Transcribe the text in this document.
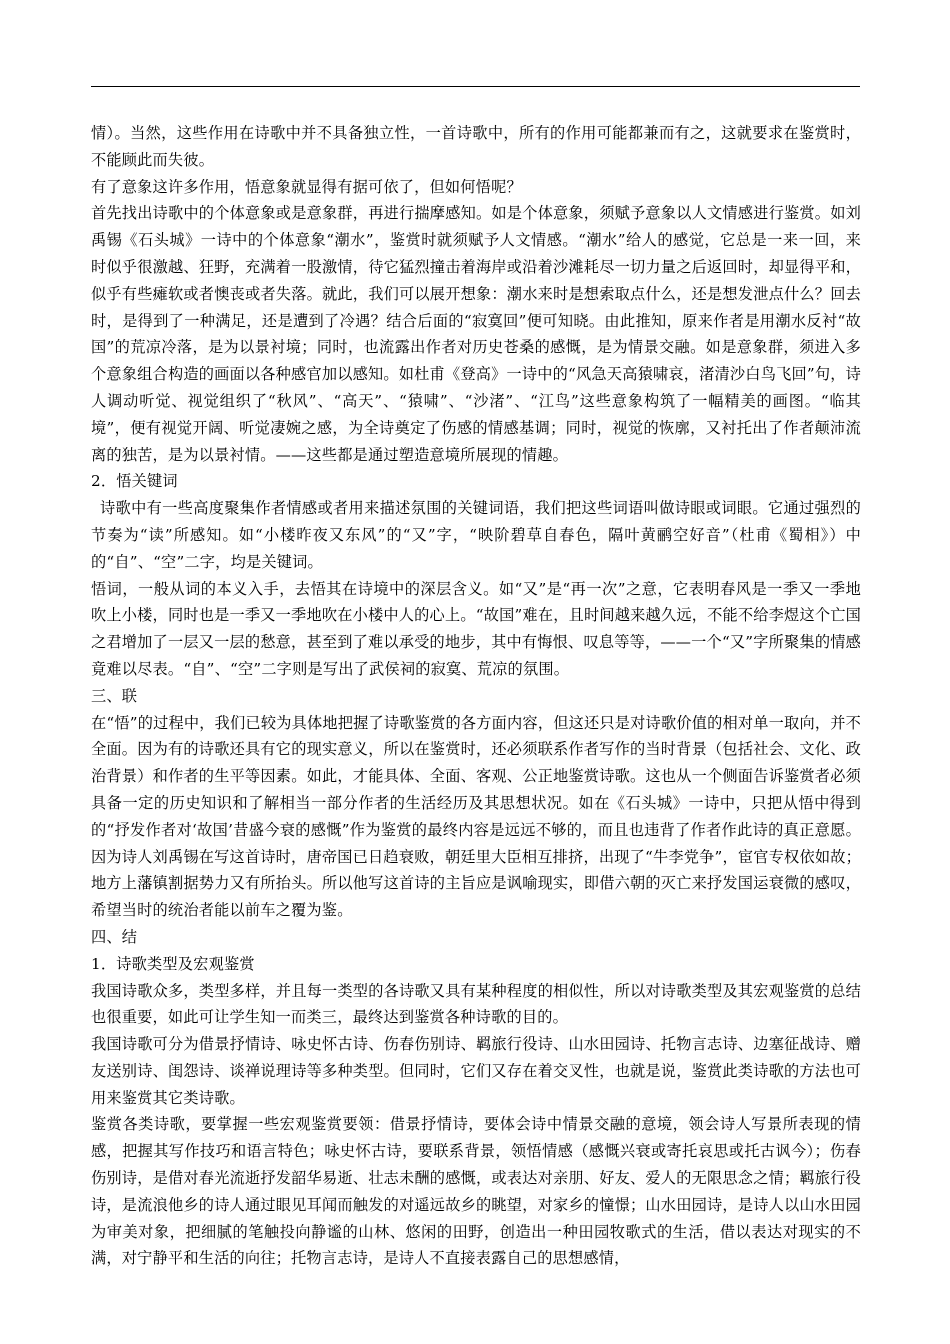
情）。当然，这些作用在诗歌中并不具备独立性，一首诗歌中，所有的作用可能都兼而有之，这就要求在鉴赏时，不能顾此而失彼。

有了意象这许多作用，悟意象就显得有据可依了，但如何悟呢？

首先找出诗歌中的个体意象或是意象群，再进行揣摩感知。如是个体意象，须赋予意象以人文情感进行鉴赏。如刘禹锡《石头城》一诗中的个体意象“潮水”，鉴赏时就须赋予人文情感。“潮水”给人的感觉，它总是一来一回，来时似乎很激越、狂野，充满着一股激情，待它猛烈撞击着海岸或沿着沙滩耗尽一切力量之后返回时，却显得平和，似乎有些瘫软或者懊丧或者失落。就此，我们可以展开想象：潮水来时是想索取点什么，还是想发泄点什么？回去时，是得到了一种满足，还是遭到了冷遇？结合后面的“寂寞回”便可知晓。由此推知，原来作者是用潮水反衬“故国”的荒凉冷落，是为以景衬境；同时，也流露出作者对历史苍桑的感慨，是为情景交融。如是意象群，须进入多个意象组合构造的画面以各种感官加以感知。如杜甫《登高》一诗中的“风急天高猿啸哀，渚清沙白鸟飞回”句，诗人调动听觉、视觉组织了“秋风”、“高天”、“猿啸”、“沙渚”、“江鸟”这些意象构筑了一幅精美的画图。“临其境”，便有视觉开阔、听觉凄婉之感，为全诗奠定了伤感的情感基调；同时，视觉的恢廓，又衬托出了作者颠沛流离的独苦，是为以景衬情。——这些都是通过塑造意境所展现的情趣。

2．悟关键词

诗歌中有一些高度聚集作者情感或者用来描述氛围的关键词语，我们把这些词语叫做诗眼或词眼。它通过强烈的节奏为“读”所感知。如“小楼昨夜又东风”的“又”字，“映阶碧草自春色，隔叶黄鹂空好音”（杜甫《蜀相》）中的“自”、“空”二字，均是关键词。

悟词，一般从词的本义入手，去悟其在诗境中的深层含义。如“又”是“再一次”之意，它表明春风是一季又一季地吹上小楼，同时也是一季又一季地吹在小楼中人的心上。“故国”难在，且时间越来越久远，不能不给李煜这个亡国之君增加了一层又一层的愁意，甚至到了难以承受的地步，其中有悔恨、叹息等等，——一个“又”字所聚集的情感竟难以尽表。“自”、“空”二字则是写出了武侯祠的寂寞、荒凉的氛围。

三、联

在“悟”的过程中，我们已较为具体地把握了诗歌鉴赏的各方面内容，但这还只是对诗歌价值的相对单一取向，并不全面。因为有的诗歌还具有它的现实意义，所以在鉴赏时，还必须联系作者写作的当时背景（包括社会、文化、政治背景）和作者的生平等因素。如此，才能具体、全面、客观、公正地鉴赏诗歌。这也从一个侧面告诉鉴赏者必须具备一定的历史知识和了解相当一部分作者的生活经历及其思想状况。如在《石头城》一诗中，只把从悟中得到的“抒发作者对‘故国’昔盛今衰的感慨”作为鉴赏的最终内容是远远不够的，而且也违背了作者作此诗的真正意愿。因为诗人刘禹锡在写这首诗时，唐帝国已日趋衰败，朝廷里大臣相互排挤，出现了“牛李党争”，宦官专权依如故；地方上藩镇割据势力又有所抬头。所以他写这首诗的主旨应是讽喻现实，即借六朝的灭亡来抒发国运衰微的感叹，希望当时的统治者能以前车之覆为鉴。

四、结

1．诗歌类型及宏观鉴赏

我国诗歌众多，类型多样，并且每一类型的各诗歌又具有某种程度的相似性，所以对诗歌类型及其宏观鉴赏的总结也很重要，如此可让学生知一而类三，最终达到鉴赏各种诗歌的目的。

我国诗歌可分为借景抒情诗、咏史怀古诗、伤春伤别诗、羁旅行役诗、山水田园诗、托物言志诗、边塞征战诗、赠友送别诗、闺怨诗、谈禅说理诗等多种类型。但同时，它们又存在着交叉性，也就是说，鉴赏此类诗歌的方法也可用来鉴赏其它类诗歌。

鉴赏各类诗歌，要掌握一些宏观鉴赏要领：借景抒情诗，要体会诗中情景交融的意境，领会诗人写景所表现的情感，把握其写作技巧和语言特色；咏史怀古诗，要联系背景，领悟情感（感慨兴衰或寄托哀思或托古讽今）；伤春伤别诗，是借对春光流逝抒发韶华易逝、壮志未酬的感慨，或表达对亲朋、好友、爱人的无限思念之情；羁旅行役诗，是流浪他乡的诗人通过眼见耳闻而触发的对遥远故乡的眺望，对家乡的憧憬；山水田园诗，是诗人以山水田园为审美对象，把细腻的笔触投向静谧的山林、悠闲的田野，创造出一种田园牧歌式的生活，借以表达对现实的不满，对宁静平和生活的向往；托物言志诗，是诗人不直接表露自己的思想感情，
